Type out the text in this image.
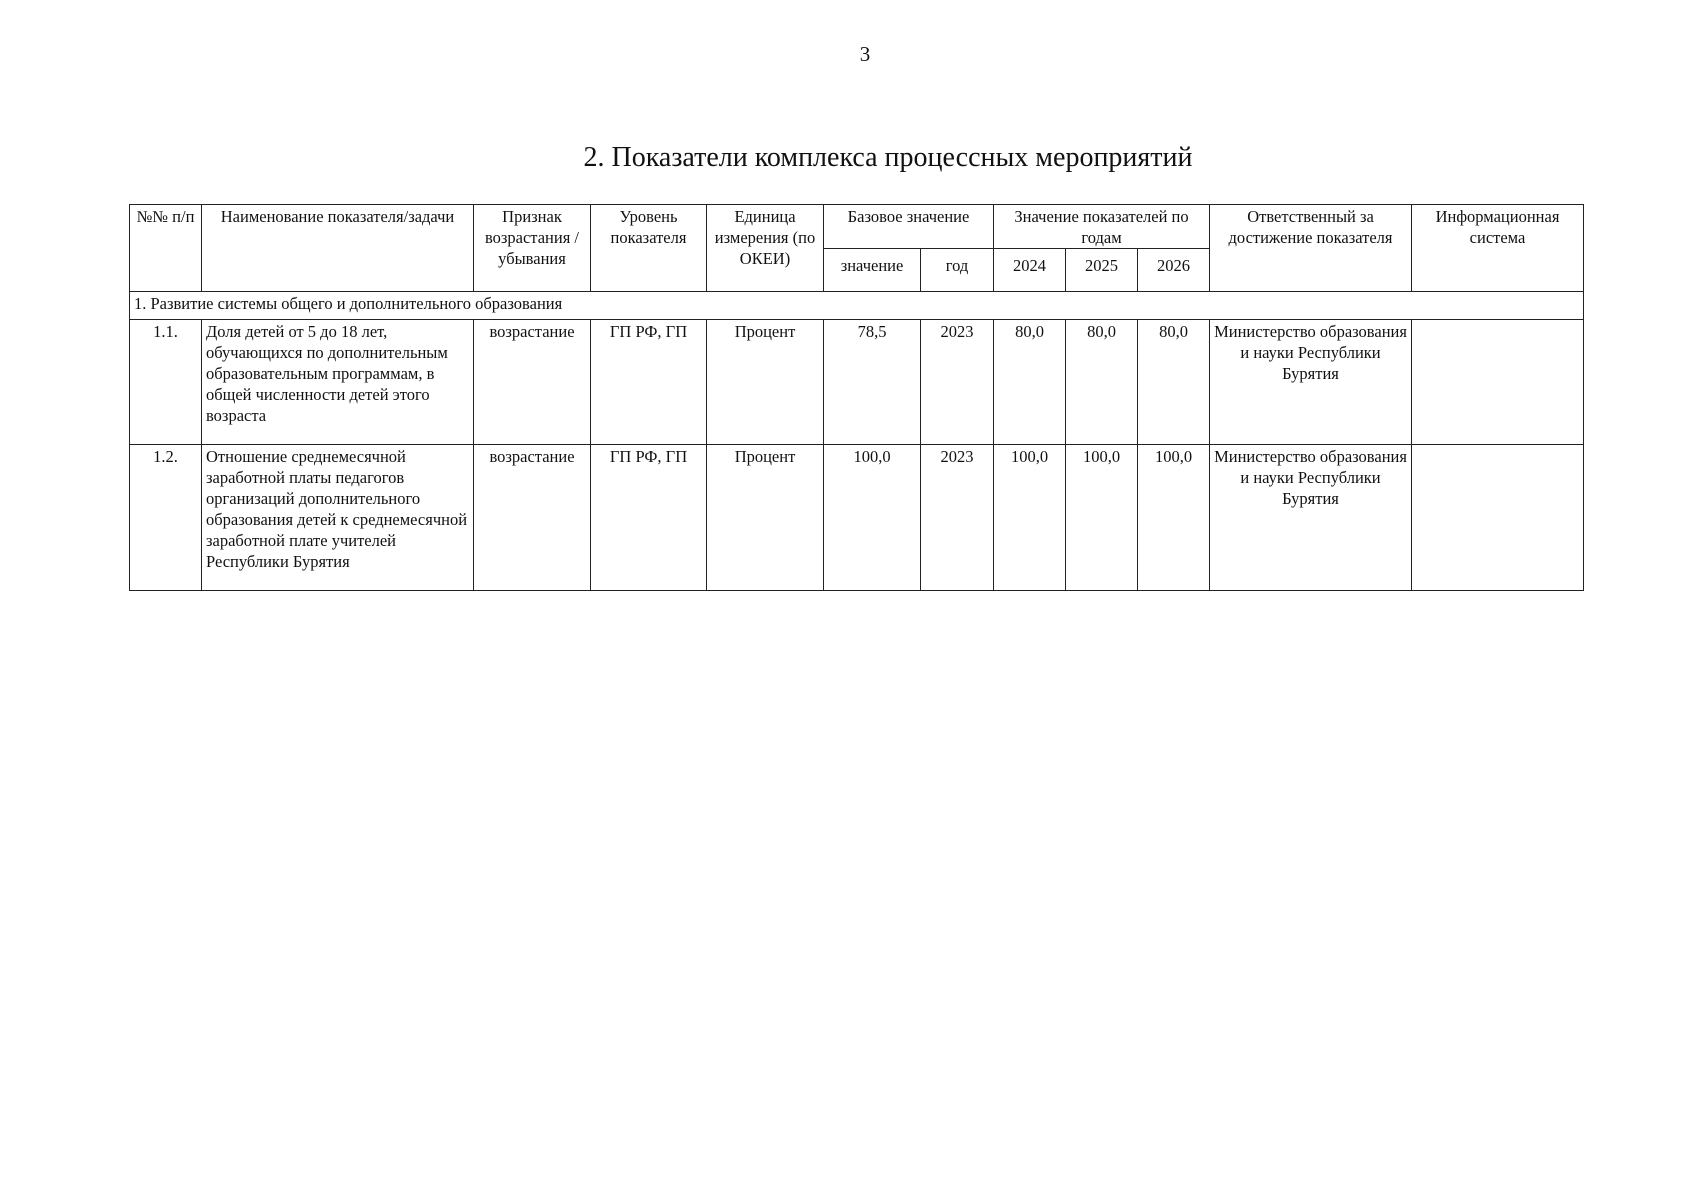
3
2. Показатели комплекса процессных мероприятий
№№ п/п	Наименование показателя/задачи	Признак возрастания / убывания	Уровень показателя	Единица измерения (по ОКЕИ)	Базовое значение		Значение показателей по годам			Ответственный за достижение показателя	Информационная система
					значение	год	2024	2025	2026		
1. Развитие системы общего и дополнительного образования											
1.1.	Доля детей от 5 до 18 лет, обучающихся по дополнительным образовательным программам, в общей численности детей этого возраста	возрастание	ГП РФ, ГП	Процент	78,5	2023	80,0	80,0	80,0	Министерство образования и науки Республики Бурятия	
1.2.	Отношение среднемесячной заработной платы педагогов организаций дополнительного образования детей к среднемесячной заработной плате учителей Республики Бурятия	возрастание	ГП РФ, ГП	Процент	100,0	2023	100,0	100,0	100,0	Министерство образования и науки Республики Бурятия	
